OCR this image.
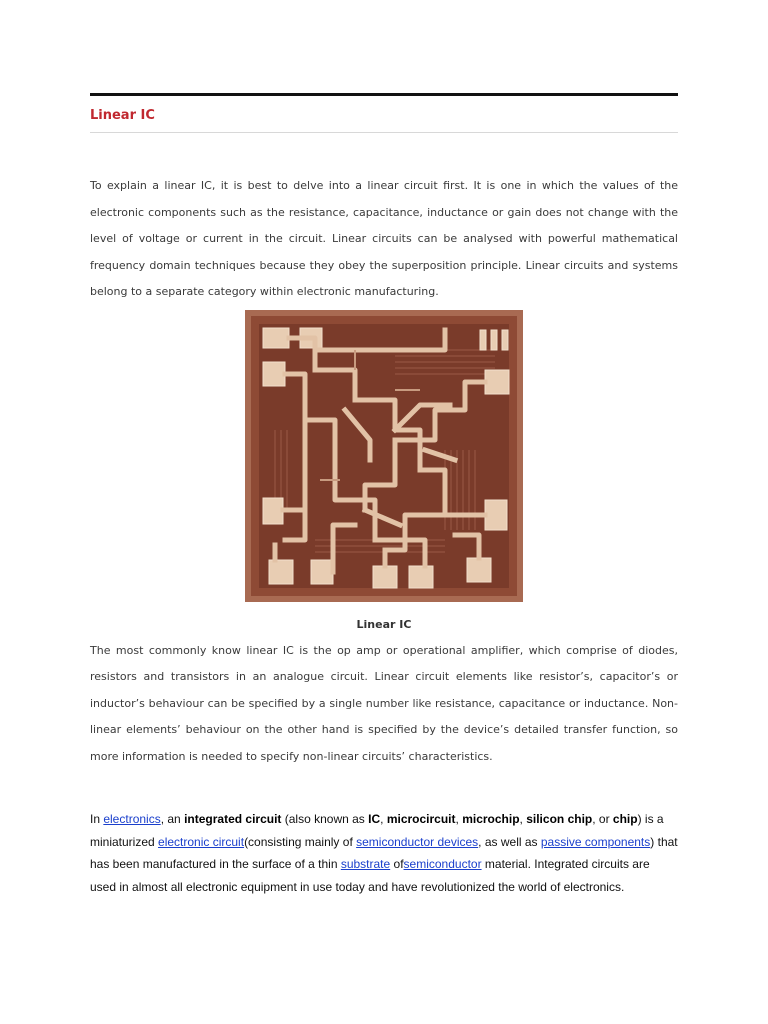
Linear IC

To explain a linear IC, it is best to delve into a linear circuit first. It is one in which the values of the electronic components such as the resistance, capacitance, inductance or gain does not change with the level of voltage or current in the circuit. Linear circuits can be analysed with powerful mathematical frequency domain techniques because they obey the superposition principle. Linear circuits and systems belong to a separate category within electronic manufacturing.

Linear IC

The most commonly know linear IC is the op amp or operational amplifier, which comprise of diodes, resistors and transistors in an analogue circuit. Linear circuit elements like resistor’s, capacitor’s or inductor’s behaviour can be specified by a single number like resistance, capacitance or inductance. Non-linear elements’ behaviour on the other hand is specified by the device’s detailed transfer function, so more information is needed to specify non-linear circuits’ characteristics.

In electronics, an integrated circuit (also known as IC, microcircuit, microchip, silicon chip, or chip) is a miniaturized electronic circuit(consisting mainly of semiconductor devices, as well as passive components) that has been manufactured in the surface of a thin substrate ofsemiconductor material. Integrated circuits are used in almost all electronic equipment in use today and have revolutionized the world of electronics.
